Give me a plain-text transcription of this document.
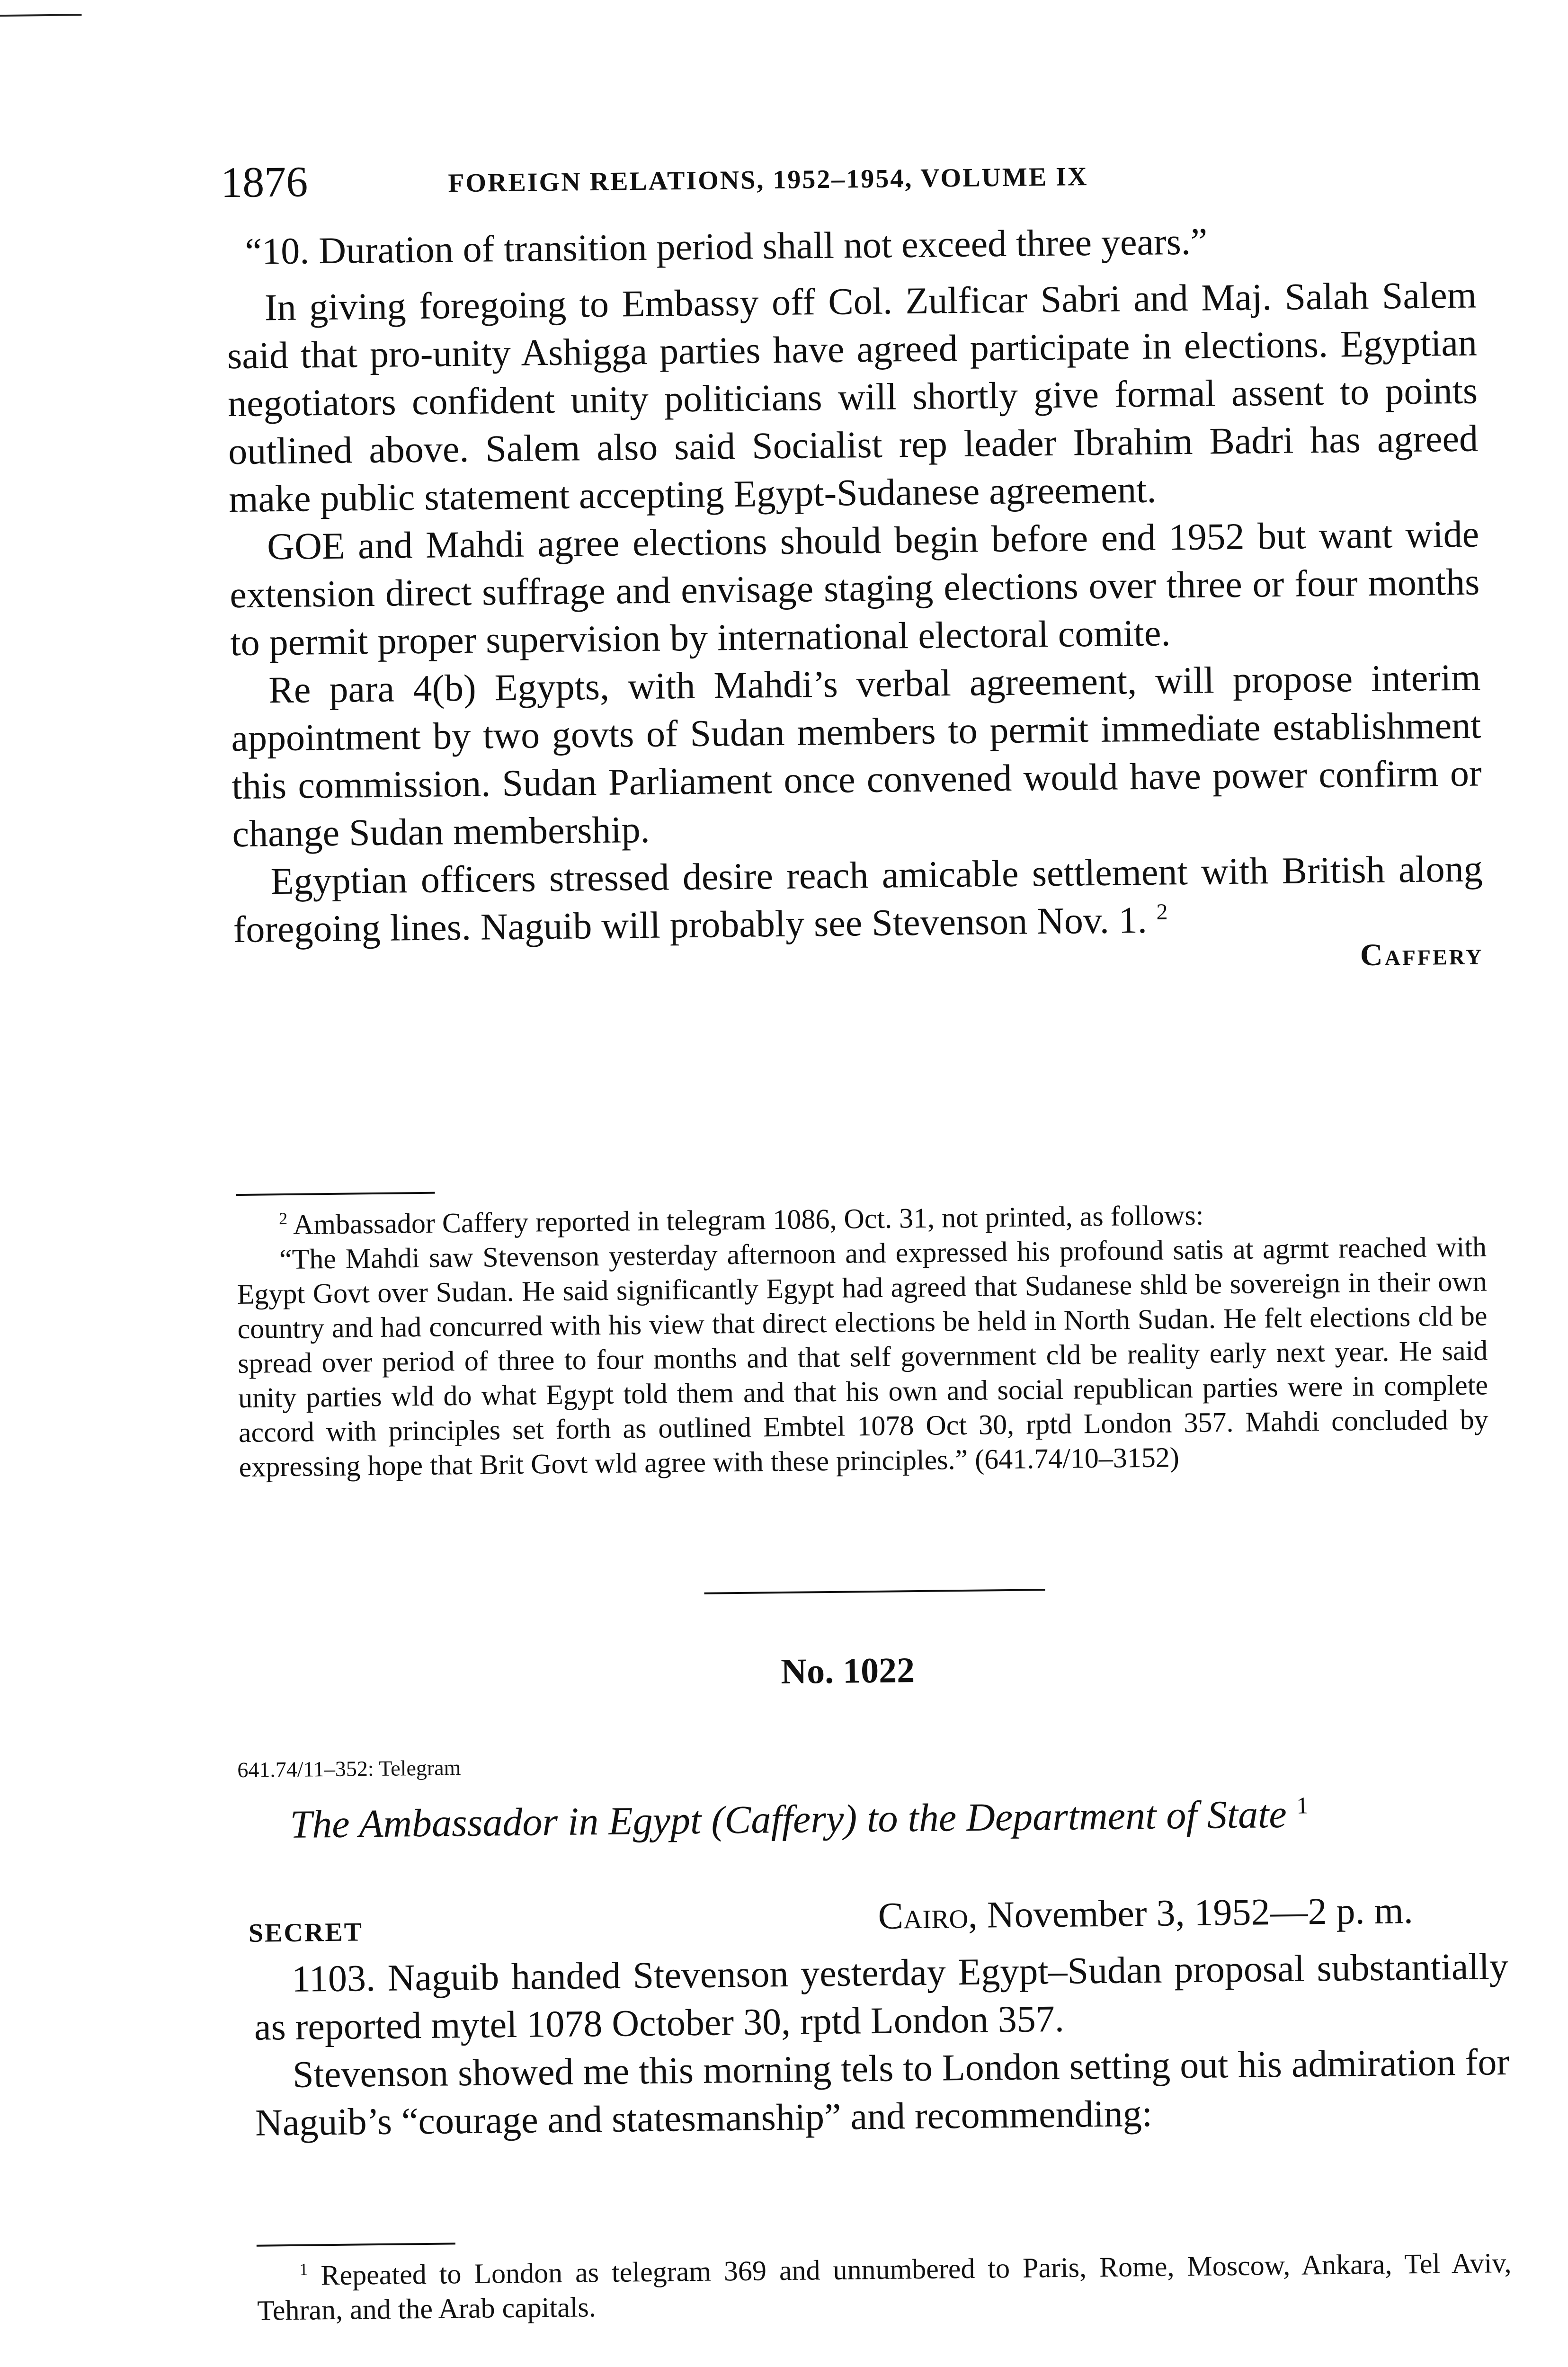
1876	FOREIGN RELATIONS, 1952–1954, VOLUME IX

“10. Duration of transition period shall not exceed three years.”

In giving foregoing to Embassy off Col. Zulficar Sabri and Maj. Salah Salem said that pro-unity Ashigga parties have agreed participate in elections. Egyptian negotiators confident unity politicians will shortly give formal assent to points outlined above. Salem also said Socialist rep leader Ibrahim Badri has agreed make public statement accepting Egypt-Sudanese agreement.

GOE and Mahdi agree elections should begin before end 1952 but want wide extension direct suffrage and envisage staging elections over three or four months to permit proper supervision by international electoral comite.

Re para 4(b) Egypts, with Mahdi’s verbal agreement, will propose interim appointment by two govts of Sudan members to permit immediate establishment this commission. Sudan Parliament once convened would have power confirm or change Sudan membership.

Egyptian officers stressed desire reach amicable settlement with British along foregoing lines. Naguib will probably see Stevenson Nov. 1. $^2$

Caffery

$^2$ Ambassador Caffery reported in telegram 1086, Oct. 31, not printed, as follows:

“The Mahdi saw Stevenson yesterday afternoon and expressed his profound satis at agrmt reached with Egypt Govt over Sudan. He said significantly Egypt had agreed that Sudanese shld be sovereign in their own country and had concurred with his view that direct elections be held in North Sudan. He felt elections cld be spread over period of three to four months and that self government cld be reality early next year. He said unity parties wld do what Egypt told them and that his own and social republican parties were in complete accord with principles set forth as outlined Embtel 1078 Oct 30, rptd London 357. Mahdi concluded by expressing hope that Brit Govt wld agree with these principles.” (641.74/10–3152)

No. 1022
641.74/11–352: Telegram
The Ambassador in Egypt (Caffery) to the Department of State $^1$
SECRET	Cairo, November 3, 1952—2 p. m.

1103. Naguib handed Stevenson yesterday Egypt–Sudan proposal substantially as reported mytel 1078 October 30, rptd London 357.

Stevenson showed me this morning tels to London setting out his admiration for Naguib’s “courage and statesmanship” and recommending:

$^1$ Repeated to London as telegram 369 and unnumbered to Paris, Rome, Moscow, Ankara, Tel Aviv, Tehran, and the Arab capitals.
